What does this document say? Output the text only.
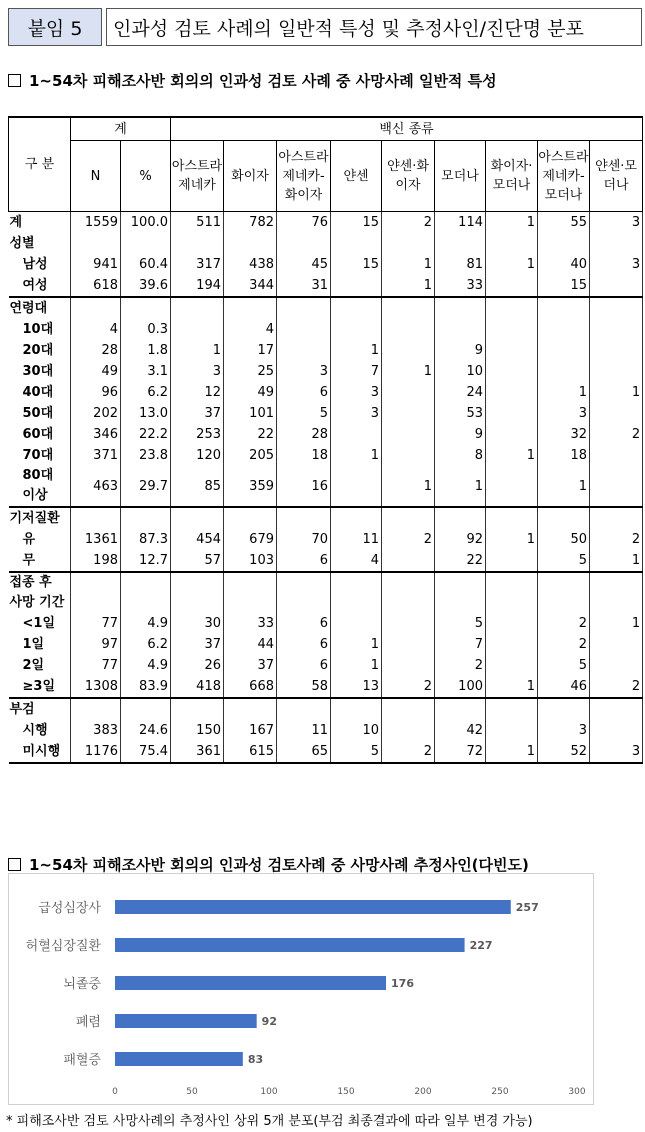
붙임 5	인과성 검토 사례의 일반적 특성 및 추정사인/진단명 분포
1~54차 피해조사반 회의의 인과성 검토 사례 중 사망사례 일반적 특성
구 분	계		백신 종류								
	N	%	아스트라제네카	화이자	아스트라제네카-화이자	얀센	얀센·화이자	모더나	화이자·모더나	아스트라제네카-모더나	얀센·모더나
계	1559	100.0	511	782	76	15	2	114	1	55	3
성별											
남성	941	60.4	317	438	45	15	1	81	1	40	3
여성	618	39.6	194	344	31		1	33		15	
연령대											
10대	4	0.3		4							
20대	28	1.8	1	17		1		9			
30대	49	3.1	3	25	3	7	1	10			
40대	96	6.2	12	49	6	3		24		1	1
50대	202	13.0	37	101	5	3		53		3	
60대	346	22.2	253	22	28			9		32	2
70대	371	23.8	120	205	18	1		8	1	18	
80대 이상	463	29.7	85	359	16		1	1		1	
기저질환											
유	1361	87.3	454	679	70	11	2	92	1	50	2
무	198	12.7	57	103	6	4		22		5	1
접종 후 사망 기간											
<1일	77	4.9	30	33	6			5		2	1
1일	97	6.2	37	44	6	1		7		2	
2일	77	4.9	26	37	6	1		2		5	
≥3일	1308	83.9	418	668	58	13	2	100	1	46	2
부검											
시행	383	24.6	150	167	11	10		42		3	
미시행	1176	75.4	361	615	65	5	2	72	1	52	3
1~54차 피해조사반 회의의 인과성 검토사례 중 사망사례 추정사인(다빈도)
급성심장사	257
허혈심장질환	227
뇌졸중	176
폐렴	92
패혈증	83
0	50	100	150	200	250	300
* 피해조사반 검토 사망사례의 추정사인 상위 5개 분포(부검 최종결과에 따라 일부 변경 가능)
